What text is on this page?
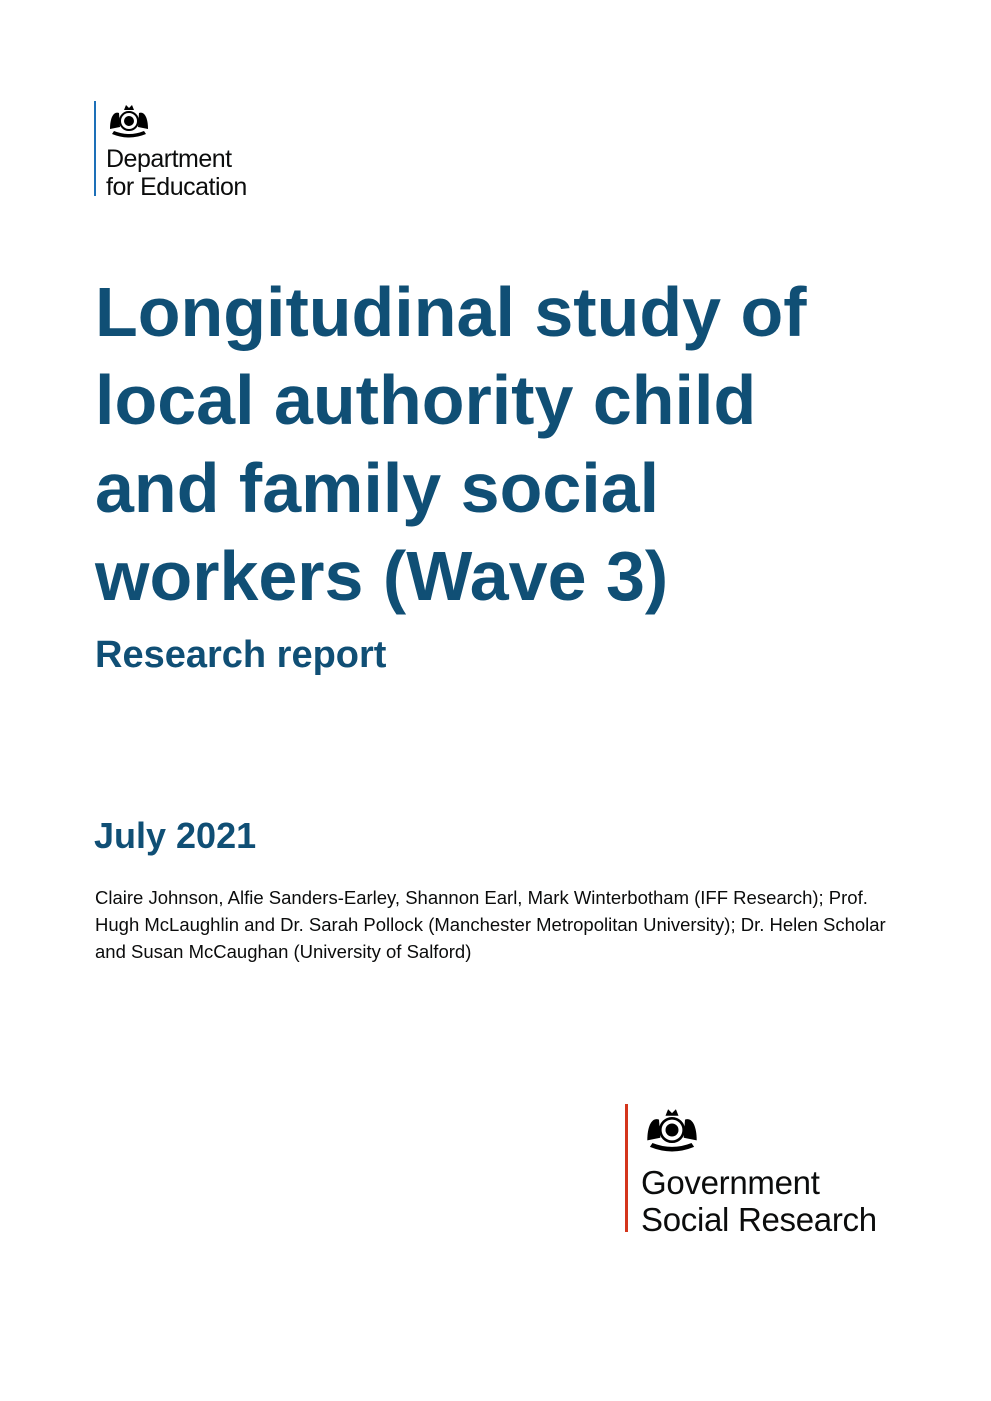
Department
for Education
Longitudinal study of
local authority child
and family social
workers (Wave 3)
Research report
July 2021

Claire Johnson, Alfie Sanders-Earley, Shannon Earl, Mark Winterbotham (IFF Research); Prof. Hugh McLaughlin and Dr. Sarah Pollock (Manchester Metropolitan University); Dr. Helen Scholar and Susan McCaughan (University of Salford)

Government
Social Research
